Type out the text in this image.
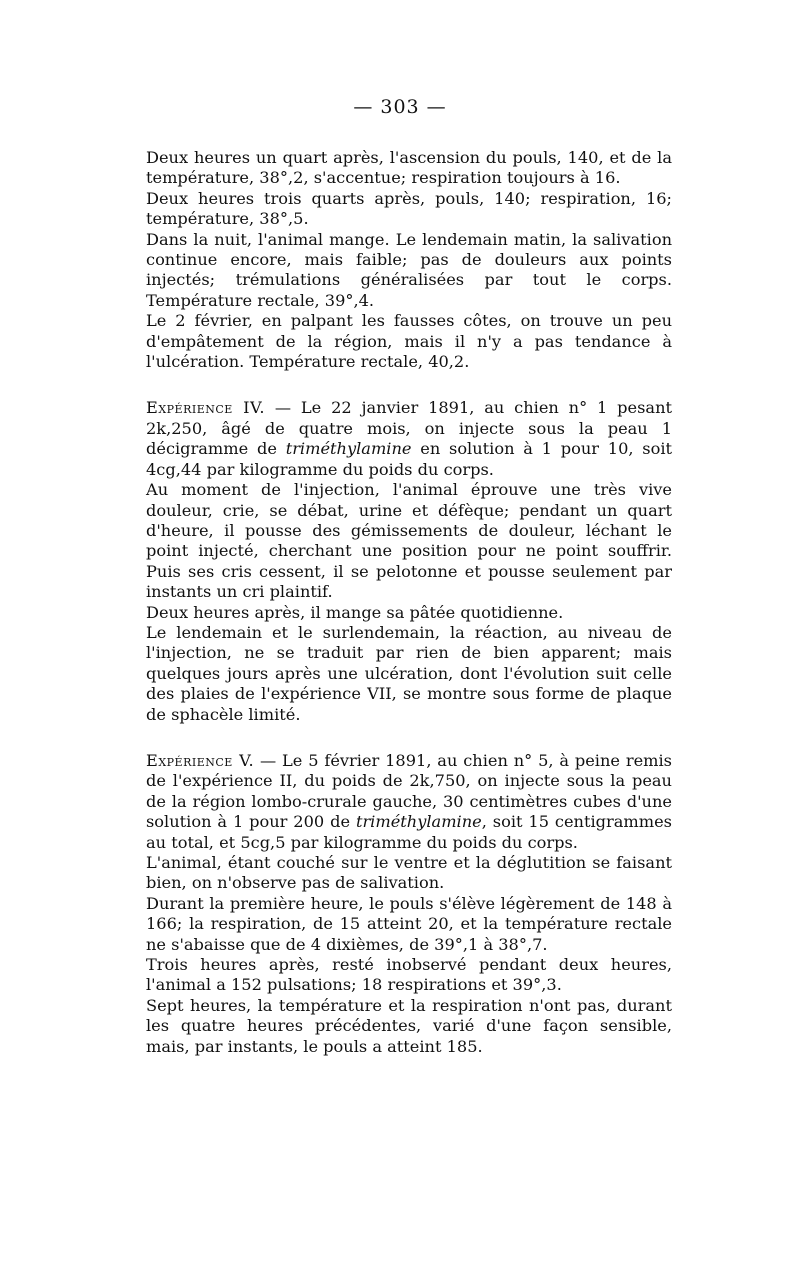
— 303 —

Deux heures un quart après, l'ascension du pouls, 140, et de la température, 38°,2, s'accentue; respiration toujours à 16.

Deux heures trois quarts après, pouls, 140; respiration, 16; température, 38°,5.

Dans la nuit, l'animal mange. Le lendemain matin, la salivation continue encore, mais faible; pas de douleurs aux points injectés; trémulations généralisées par tout le corps. Température rectale, 39°,4.

Le 2 février, en palpant les fausses côtes, on trouve un peu d'empâtement de la région, mais il n'y a pas tendance à l'ulcération. Température rectale, 40,2.

Expérience IV. — Le 22 janvier 1891, au chien n° 1 pesant 2k,250, âgé de quatre mois, on injecte sous la peau 1 décigramme de triméthylamine en solution à 1 pour 10, soit 4cg,44 par kilogramme du poids du corps.

Au moment de l'injection, l'animal éprouve une très vive douleur, crie, se débat, urine et défèque; pendant un quart d'heure, il pousse des gémissements de douleur, léchant le point injecté, cherchant une position pour ne point souffrir. Puis ses cris cessent, il se pelotonne et pousse seulement par instants un cri plaintif.

Deux heures après, il mange sa pâtée quotidienne.

Le lendemain et le surlendemain, la réaction, au niveau de l'injection, ne se traduit par rien de bien apparent; mais quelques jours après une ulcération, dont l'évolution suit celle des plaies de l'expérience VII, se montre sous forme de plaque de sphacèle limité.

Expérience V. — Le 5 février 1891, au chien n° 5, à peine remis de l'expérience II, du poids de 2k,750, on injecte sous la peau de la région lombo-crurale gauche, 30 centimètres cubes d'une solution à 1 pour 200 de triméthylamine, soit 15 centigrammes au total, et 5cg,5 par kilogramme du poids du corps.

L'animal, étant couché sur le ventre et la déglutition se faisant bien, on n'observe pas de salivation.

Durant la première heure, le pouls s'élève légèrement de 148 à 166; la respiration, de 15 atteint 20, et la température rectale ne s'abaisse que de 4 dixièmes, de 39°,1 à 38°,7.

Trois heures après, resté inobservé pendant deux heures, l'animal a 152 pulsations; 18 respirations et 39°,3.

Sept heures, la température et la respiration n'ont pas, durant les quatre heures précédentes, varié d'une façon sensible, mais, par instants, le pouls a atteint 185.
